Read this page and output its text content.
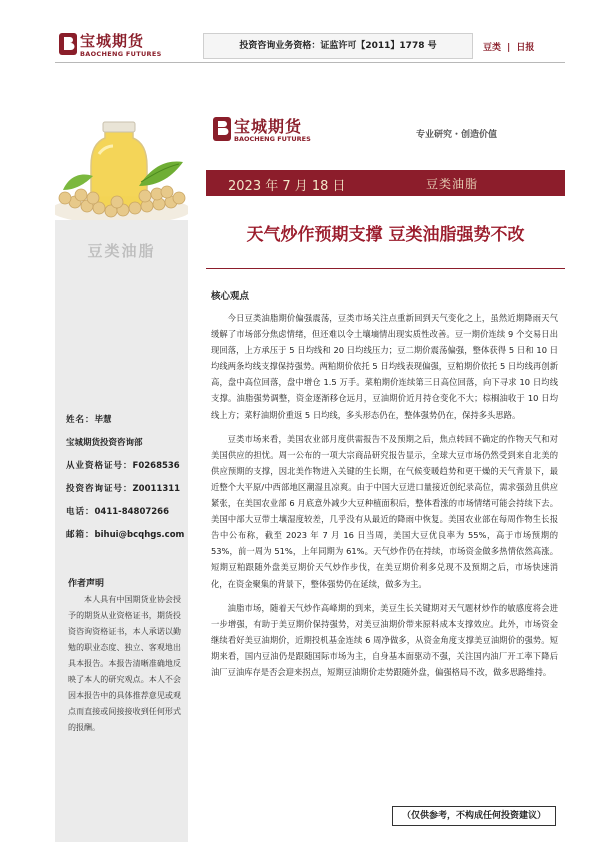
宝城期货
BAOCHENG FUTURES
投资咨询业务资格：证监许可【2011】1778 号	豆类 | 日报
豆类油脂
姓名：毕慧
宝城期货投资咨询部
从业资格证号：F0268536
投资咨询证号：Z0011311
电话：0411-84807266
邮箱：bihui@bcqhgs.com
作者声明
本人具有中国期货业协会授予的期货从业资格证书，期货投资咨询资格证书，本人承诺以勤勉的职业态度、独立、客观地出具本报告。本报告清晰准确地反映了本人的研究观点。本人不会因本报告中的具体推荐意见或观点而直接或间接接收到任何形式的报酬。
宝城期货
BAOCHENG FUTURES	专业研究・创造价值
2023 年 7 月 18 日	豆类油脂
天气炒作预期支撑 豆类油脂强势不改
核心观点

今日豆类油脂期价偏强震荡，豆类市场关注点重新回到天气变化之上，虽然近期降雨天气缓解了市场部分焦虑情绪，但还难以令土壤墒情出现实质性改善。豆一期价连续 9 个交易日出现回落，上方承压于 5 日均线和 20 日均线压力；豆二期价震荡偏强，整体获得 5 日和 10 日均线两条均线支撑保持强势。两粕期价依托 5 日均线表现偏强，豆粕期价依托 5 日均线再创新高，盘中高位回落，盘中增仓 1.5 万手。菜粕期价连续第三日高位回落，向下寻求 10 日均线支撑。油脂强势调整，资金逐渐移仓远月，豆油期价近月持仓变化不大；棕榈油收于 10 日均线上方；菜籽油期价重返 5 日均线，多头形态仍在，整体强势仍在，保持多头思路。

豆类市场来看，美国农业部月度供需报告不及预期之后，焦点转回不确定的作物天气和对美国供应的担忧。周一公布的一项大宗商品研究报告显示，全球大豆市场仍然受到来自北美的供应预期的支撑，因北美作物进入关键的生长期，在气候变暖趋势和更干燥的天气背景下，最近整个大平原/中西部地区潮湿且凉爽。由于中国大豆进口量接近创纪录高位，需求强劲且供应紧张，在美国农业部 6 月底意外减少大豆种植面积后，整体看涨的市场情绪可能会持续下去。美国中部大豆带土壤湿度较差，几乎没有从最近的降雨中恢复。美国农业部在每周作物生长报告中公布称，截至 2023 年 7 月 16 日当周，美国大豆优良率为 55%，高于市场预期的 53%，前一周为 51%，上年同期为 61%。天气炒作仍在持续，市场资金做多热情依然高涨。短期豆粕跟随外盘美豆期价天气炒作步伐，在美豆期价利多兑现不及预期之后，市场快速消化，在资金聚集的背景下，整体强势仍在延续，做多为主。

油脂市场，随着天气炒作高峰期的到来，美豆生长关键期对天气题材炒作的敏感度将会进一步增强，有助于美豆期价保持强势，对美豆油期价带来原料成本支撑效应。此外，市场资金继续看好美豆油期价，近期投机基金连续 6 周净做多，从资金角度支撑美豆油期价的强势。短期来看，国内豆油仍是跟随国际市场为主，自身基本面驱动不强，关注国内油厂开工率下降后油厂豆油库存是否会迎来拐点，短期豆油期价走势跟随外盘，偏强格局不改，做多思路维持。

（仅供参考，不构成任何投资建议）
